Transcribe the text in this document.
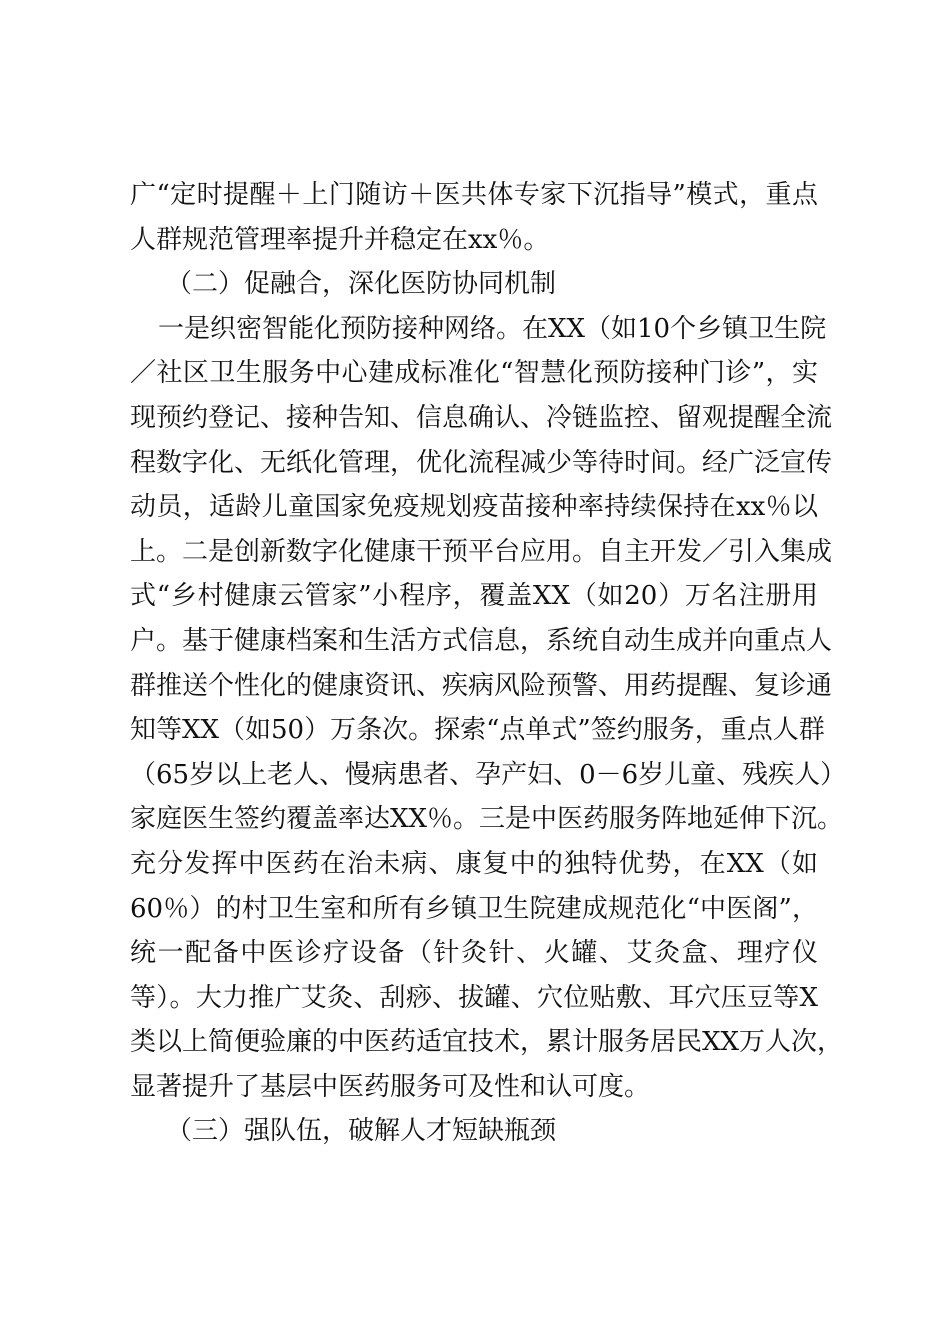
广“定时提醒＋上门随访＋医共体专家下沉指导”模式，重点
人群规范管理率提升并稳定在xx％。
（二）促融合，深化医防协同机制
一是织密智能化预防接种网络。在XX（如10个乡镇卫生院
／社区卫生服务中心建成标准化“智慧化预防接种门诊”，实
现预约登记、接种告知、信息确认、冷链监控、留观提醒全流
程数字化、无纸化管理，优化流程减少等待时间。经广泛宣传
动员，适龄儿童国家免疫规划疫苗接种率持续保持在xx％以
上。二是创新数字化健康干预平台应用。自主开发／引入集成
式“乡村健康云管家”小程序，覆盖XX（如20）万名注册用
户。基于健康档案和生活方式信息，系统自动生成并向重点人
群推送个性化的健康资讯、疾病风险预警、用药提醒、复诊通
知等XX（如50）万条次。探索“点单式”签约服务，重点人群
（65岁以上老人、慢病患者、孕产妇、0－6岁儿童、残疾人）
家庭医生签约覆盖率达XX％。三是中医药服务阵地延伸下沉。
充分发挥中医药在治未病、康复中的独特优势，在XX（如
60％）的村卫生室和所有乡镇卫生院建成规范化“中医阁”，
统一配备中医诊疗设备（针灸针、火罐、艾灸盒、理疗仪
等）。大力推广艾灸、刮痧、拔罐、穴位贴敷、耳穴压豆等X
类以上简便验廉的中医药适宜技术，累计服务居民XX万人次，
显著提升了基层中医药服务可及性和认可度。
（三）强队伍，破解人才短缺瓶颈
